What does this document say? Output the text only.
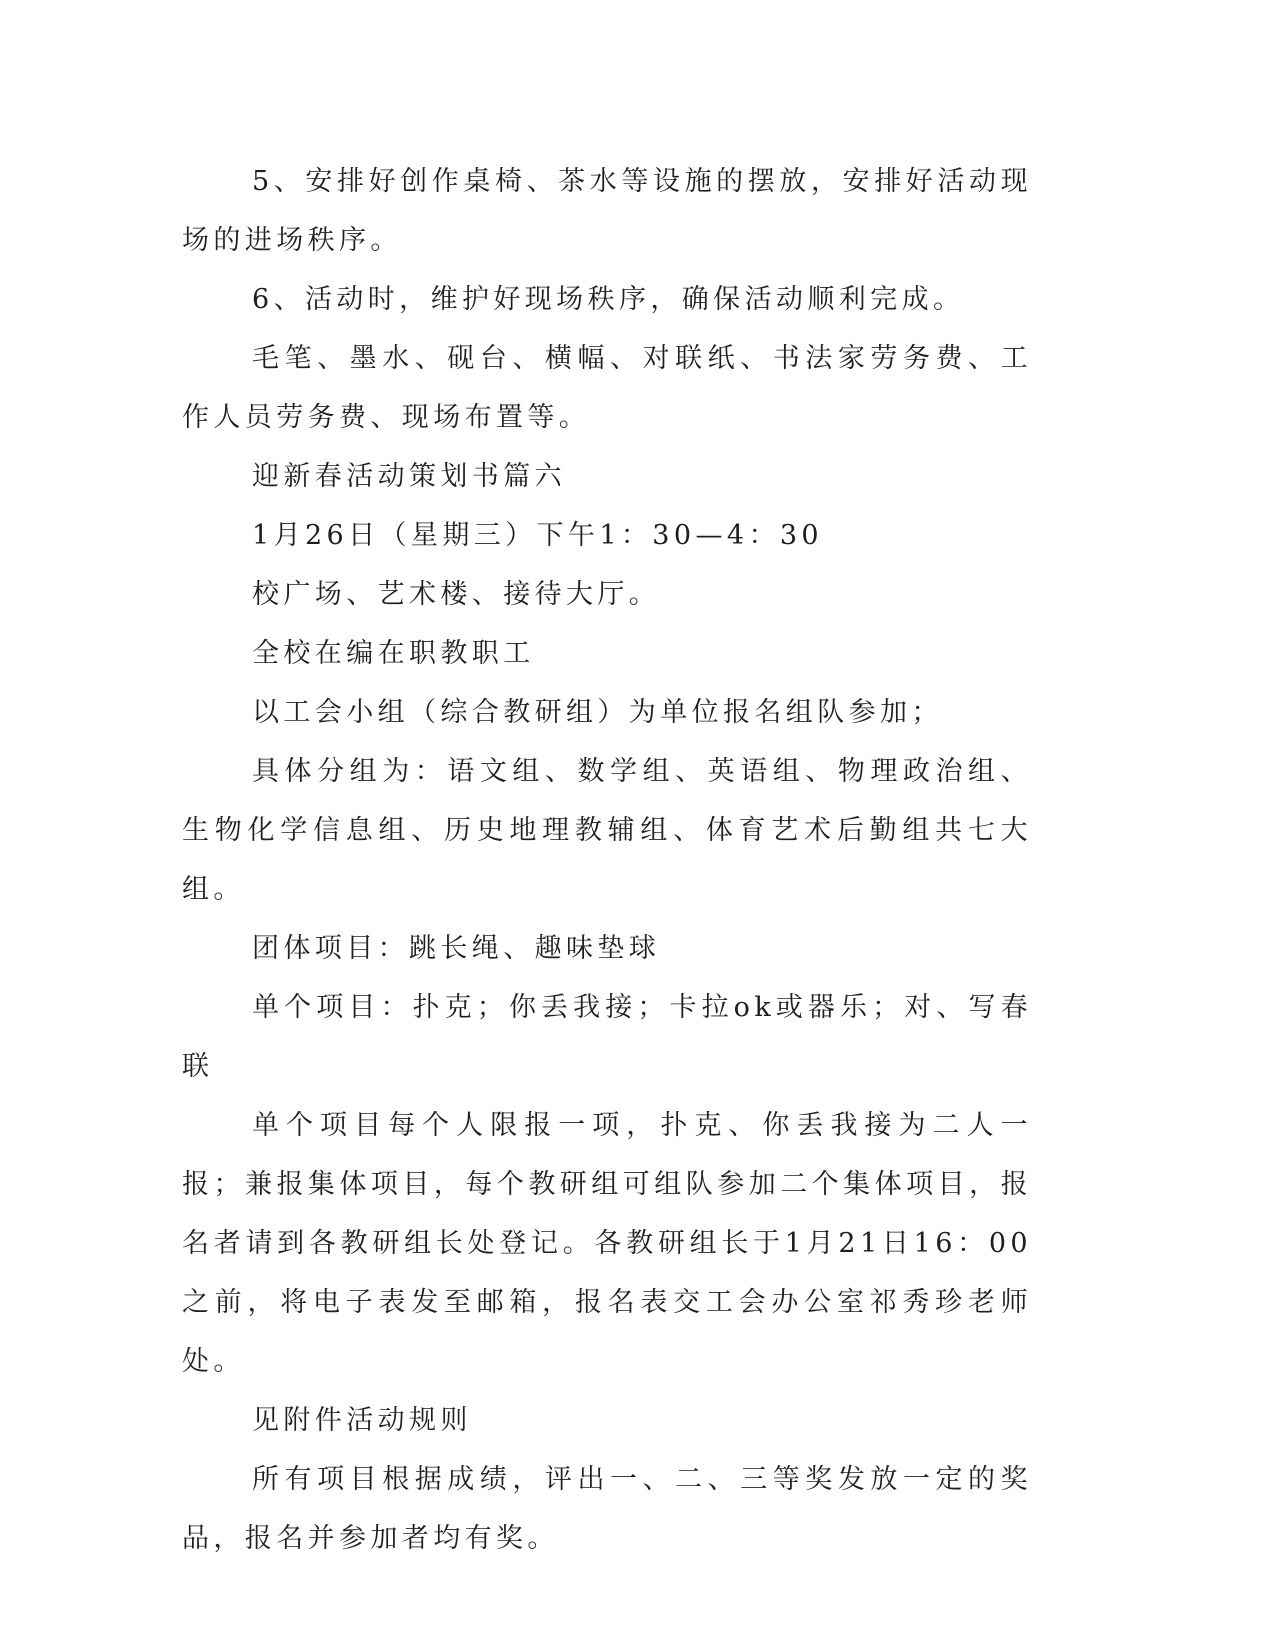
5、安排好创作桌椅、茶水等设施的摆放，安排好活动现场的进场秩序。

6、活动时，维护好现场秩序，确保活动顺利完成。

毛笔、墨水、砚台、横幅、对联纸、书法家劳务费、工作人员劳务费、现场布置等。

迎新春活动策划书篇六

1月26日（星期三）下午1：30—4：30

校广场、艺术楼、接待大厅。

全校在编在职教职工

以工会小组（综合教研组）为单位报名组队参加；

具体分组为：语文组、数学组、英语组、物理政治组、生物化学信息组、历史地理教辅组、体育艺术后勤组共七大组。

团体项目：跳长绳、趣味垫球

单个项目：扑克；你丢我接；卡拉ok或器乐；对、写春联

单个项目每个人限报一项，扑克、你丢我接为二人一报；兼报集体项目，每个教研组可组队参加二个集体项目，报名者请到各教研组长处登记。各教研组长于1月21日16：00之前，将电子表发至邮箱，报名表交工会办公室祁秀珍老师处。

见附件活动规则

所有项目根据成绩，评出一、二、三等奖发放一定的奖品，报名并参加者均有奖。
